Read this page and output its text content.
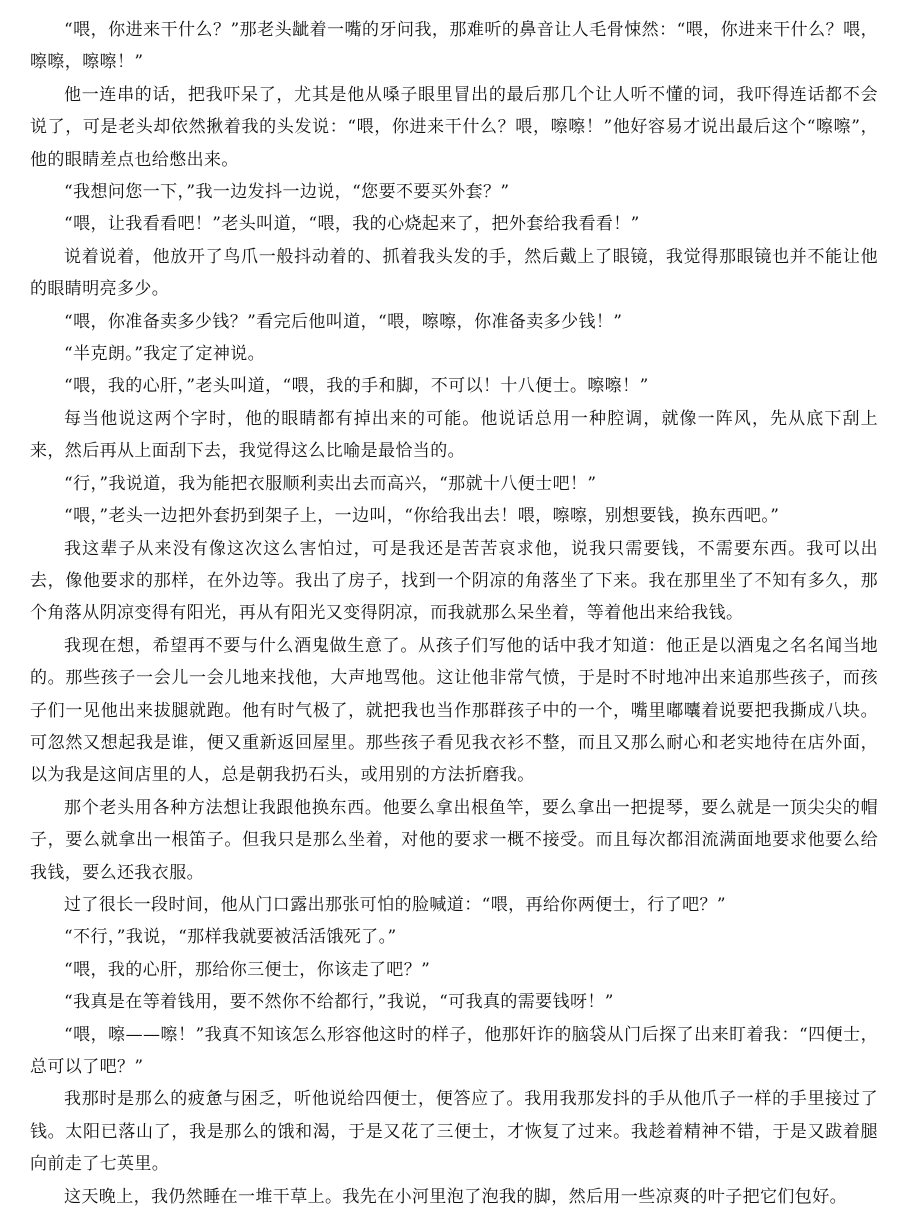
“喂，你进来干什么？”那老头龇着一嘴的牙问我，那难听的鼻音让人毛骨悚然：“喂，你进来干什么？喂，嚓嚓，嚓嚓！”

他一连串的话，把我吓呆了，尤其是他从嗓子眼里冒出的最后那几个让人听不懂的词，我吓得连话都不会说了，可是老头却依然揪着我的头发说：“喂，你进来干什么？喂，嚓嚓！”他好容易才说出最后这个“嚓嚓”，他的眼睛差点也给憋出来。

“我想问您一下，”我一边发抖一边说，“您要不要买外套？”

“喂，让我看看吧！”老头叫道，“喂，我的心烧起来了，把外套给我看看！”

说着说着，他放开了鸟爪一般抖动着的、抓着我头发的手，然后戴上了眼镜，我觉得那眼镜也并不能让他的眼睛明亮多少。

“喂，你准备卖多少钱？”看完后他叫道，“喂，嚓嚓，你准备卖多少钱！”

“半克朗。”我定了定神说。

“喂，我的心肝，”老头叫道，“喂，我的手和脚，不可以！十八便士。嚓嚓！”

每当他说这两个字时，他的眼睛都有掉出来的可能。他说话总用一种腔调，就像一阵风，先从底下刮上来，然后再从上面刮下去，我觉得这么比喻是最恰当的。

“行，”我说道，我为能把衣服顺利卖出去而高兴，“那就十八便士吧！”

“喂，”老头一边把外套扔到架子上，一边叫，“你给我出去！喂，嚓嚓，别想要钱，换东西吧。”

我这辈子从来没有像这次这么害怕过，可是我还是苦苦哀求他，说我只需要钱，不需要东西。我可以出去，像他要求的那样，在外边等。我出了房子，找到一个阴凉的角落坐了下来。我在那里坐了不知有多久，那个角落从阴凉变得有阳光，再从有阳光又变得阴凉，而我就那么呆坐着，等着他出来给我钱。

我现在想，希望再不要与什么酒鬼做生意了。从孩子们写他的话中我才知道：他正是以酒鬼之名名闻当地的。那些孩子一会儿一会儿地来找他，大声地骂他。这让他非常气愤，于是时不时地冲出来追那些孩子，而孩子们一见他出来拔腿就跑。他有时气极了，就把我也当作那群孩子中的一个，嘴里嘟囔着说要把我撕成八块。可忽然又想起我是谁，便又重新返回屋里。那些孩子看见我衣衫不整，而且又那么耐心和老实地待在店外面，以为我是这间店里的人，总是朝我扔石头，或用别的方法折磨我。

那个老头用各种方法想让我跟他换东西。他要么拿出根鱼竿，要么拿出一把提琴，要么就是一顶尖尖的帽子，要么就拿出一根笛子。但我只是那么坐着，对他的要求一概不接受。而且每次都泪流满面地要求他要么给我钱，要么还我衣服。

过了很长一段时间，他从门口露出那张可怕的脸喊道：“喂，再给你两便士，行了吧？”

“不行，”我说，“那样我就要被活活饿死了。”

“喂，我的心肝，那给你三便士，你该走了吧？”

“我真是在等着钱用，要不然你不给都行，”我说，“可我真的需要钱呀！”

“喂，嚓——嚓！”我真不知该怎么形容他这时的样子，他那奸诈的脑袋从门后探了出来盯着我：“四便士，总可以了吧？”

我那时是那么的疲惫与困乏，听他说给四便士，便答应了。我用我那发抖的手从他爪子一样的手里接过了钱。太阳已落山了，我是那么的饿和渴，于是又花了三便士，才恢复了过来。我趁着精神不错，于是又跋着腿向前走了七英里。

这天晚上，我仍然睡在一堆干草上。我先在小河里泡了泡我的脚，然后用一些凉爽的叶子把它们包好。
